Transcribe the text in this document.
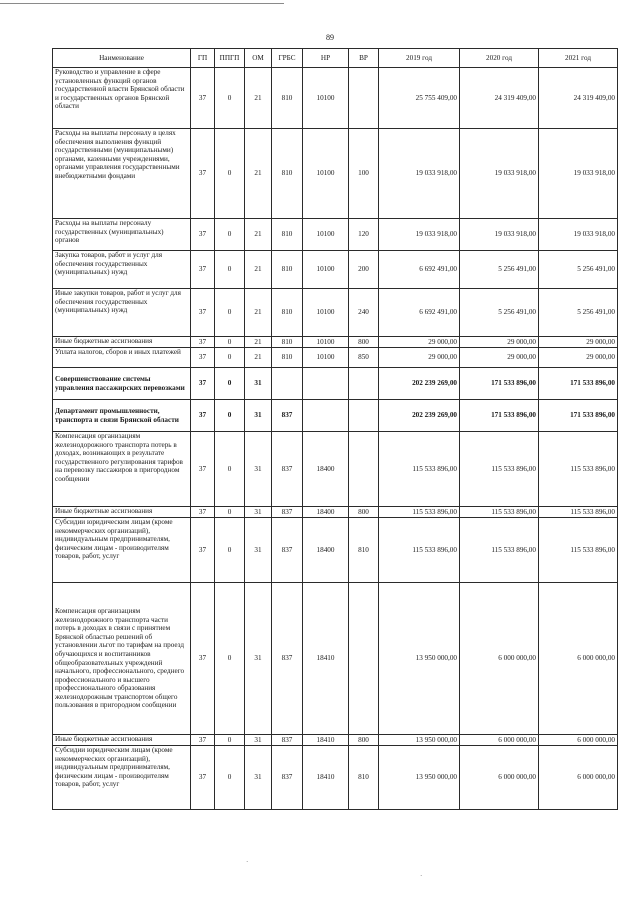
89
Наименование	ГП	ППГП	ОМ	ГРБС	НР	ВР	2019 год	2020 год	2021 год
Руководство и управление в сфере установленных функций органов государственной власти Брянской области и государственных органов Брянской области	37	0	21	810	10100		25 755 409,00	24 319 409,00	24 319 409,00
Расходы на выплаты персоналу в целях обеспечения выполнения функций государственными (муниципальными) органами, казенными учреждениями, органами управления государственными внебюджетными фондами	37	0	21	810	10100	100	19 033 918,00	19 033 918,00	19 033 918,00
Расходы на выплаты персоналу государственных (муниципальных) органов	37	0	21	810	10100	120	19 033 918,00	19 033 918,00	19 033 918,00
Закупка товаров, работ и услуг для обеспечения государственных (муниципальных) нужд	37	0	21	810	10100	200	6 692 491,00	5 256 491,00	5 256 491,00
Иные закупки товаров, работ и услуг для обеспечения государственных (муниципальных) нужд	37	0	21	810	10100	240	6 692 491,00	5 256 491,00	5 256 491,00
Иные бюджетные ассигнования	37	0	21	810	10100	800	29 000,00	29 000,00	29 000,00
Уплата налогов, сборов и иных платежей	37	0	21	810	10100	850	29 000,00	29 000,00	29 000,00
Совершенствование системы управления пассажирских перевозками	37	0	31				202 239 269,00	171 533 896,00	171 533 896,00
Департамент промышленности, транспорта и связи Брянской области	37	0	31	837			202 239 269,00	171 533 896,00	171 533 896,00
Компенсация организациям железнодорожного транспорта потерь в доходах, возникающих в результате государственного регулирования тарифов на перевозку пассажиров в пригородном сообщении	37	0	31	837	18400		115 533 896,00	115 533 896,00	115 533 896,00
Иные бюджетные ассигнования	37	0	31	837	18400	800	115 533 896,00	115 533 896,00	115 533 896,00
Субсидии юридическим лицам (кроме некоммерческих организаций), индивидуальным предпринимателям, физическим лицам - производителям товаров, работ, услуг	37	0	31	837	18400	810	115 533 896,00	115 533 896,00	115 533 896,00
Компенсация организациям железнодорожного транспорта части потерь в доходах в связи с принятием Брянской областью решений об установлении льгот по тарифам на проезд обучающихся и воспитанников общеобразовательных учреждений начального, профессионального, среднего профессионального и высшего профессионального образования железнодорожным транспортом общего пользования в пригородном сообщении	37	0	31	837	18410		13 950 000,00	6 000 000,00	6 000 000,00
Иные бюджетные ассигнования	37	0	31	837	18410	800	13 950 000,00	6 000 000,00	6 000 000,00
Субсидии юридическим лицам (кроме некоммерческих организаций), индивидуальным предпринимателям, физическим лицам - производителям товаров, работ, услуг	37	0	31	837	18410	810	13 950 000,00	6 000 000,00	6 000 000,00
·
·
